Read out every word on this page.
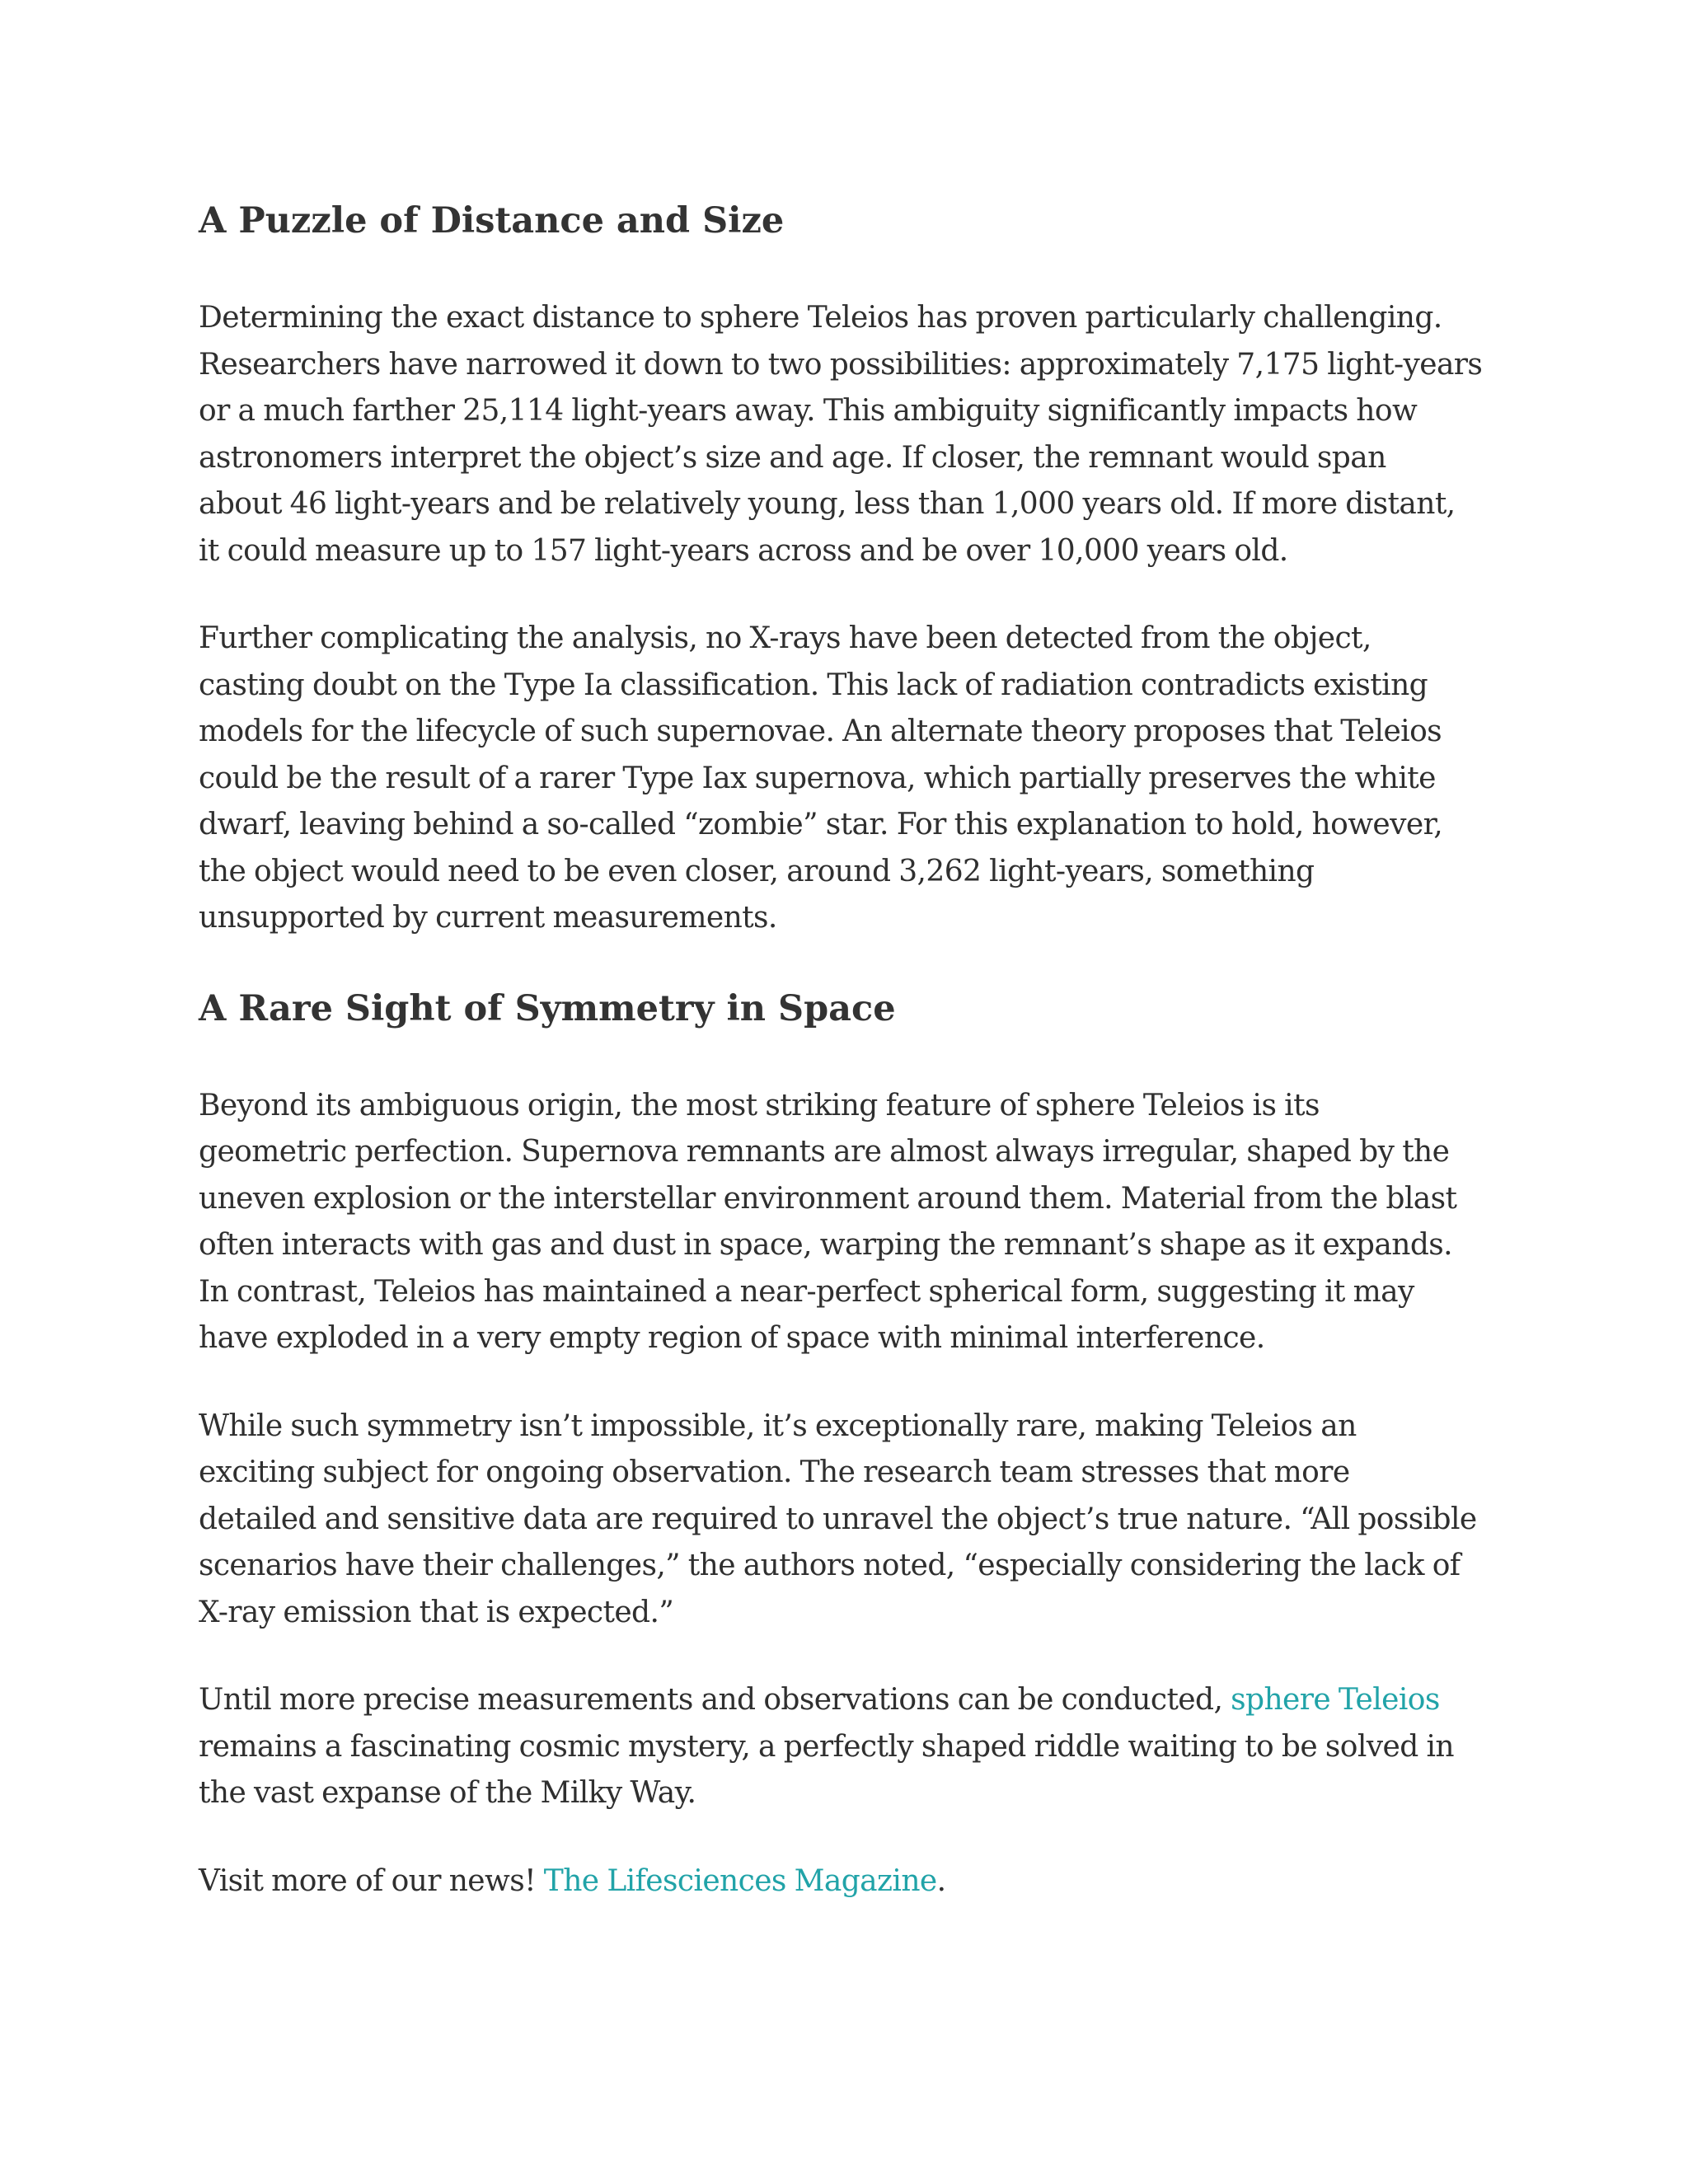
A Puzzle of Distance and Size

Determining the exact distance to sphere Teleios has proven particularly challenging.
Researchers have narrowed it down to two possibilities: approximately 7,175 light-years
or a much farther 25,114 light-years away. This ambiguity significantly impacts how
astronomers interpret the object’s size and age. If closer, the remnant would span
about 46 light-years and be relatively young, less than 1,000 years old. If more distant,
it could measure up to 157 light-years across and be over 10,000 years old.

Further complicating the analysis, no X-rays have been detected from the object,
casting doubt on the Type Ia classification. This lack of radiation contradicts existing
models for the lifecycle of such supernovae. An alternate theory proposes that Teleios
could be the result of a rarer Type Iax supernova, which partially preserves the white
dwarf, leaving behind a so-called “zombie” star. For this explanation to hold, however,
the object would need to be even closer, around 3,262 light-years, something
unsupported by current measurements.

A Rare Sight of Symmetry in Space

Beyond its ambiguous origin, the most striking feature of sphere Teleios is its
geometric perfection. Supernova remnants are almost always irregular, shaped by the
uneven explosion or the interstellar environment around them. Material from the blast
often interacts with gas and dust in space, warping the remnant’s shape as it expands.
In contrast, Teleios has maintained a near-perfect spherical form, suggesting it may
have exploded in a very empty region of space with minimal interference.

While such symmetry isn’t impossible, it’s exceptionally rare, making Teleios an
exciting subject for ongoing observation. The research team stresses that more
detailed and sensitive data are required to unravel the object’s true nature. “All possible
scenarios have their challenges,” the authors noted, “especially considering the lack of
X-ray emission that is expected.”

Until more precise measurements and observations can be conducted, sphere Teleios
remains a fascinating cosmic mystery, a perfectly shaped riddle waiting to be solved in
the vast expanse of the Milky Way.

Visit more of our news! The Lifesciences Magazine.
